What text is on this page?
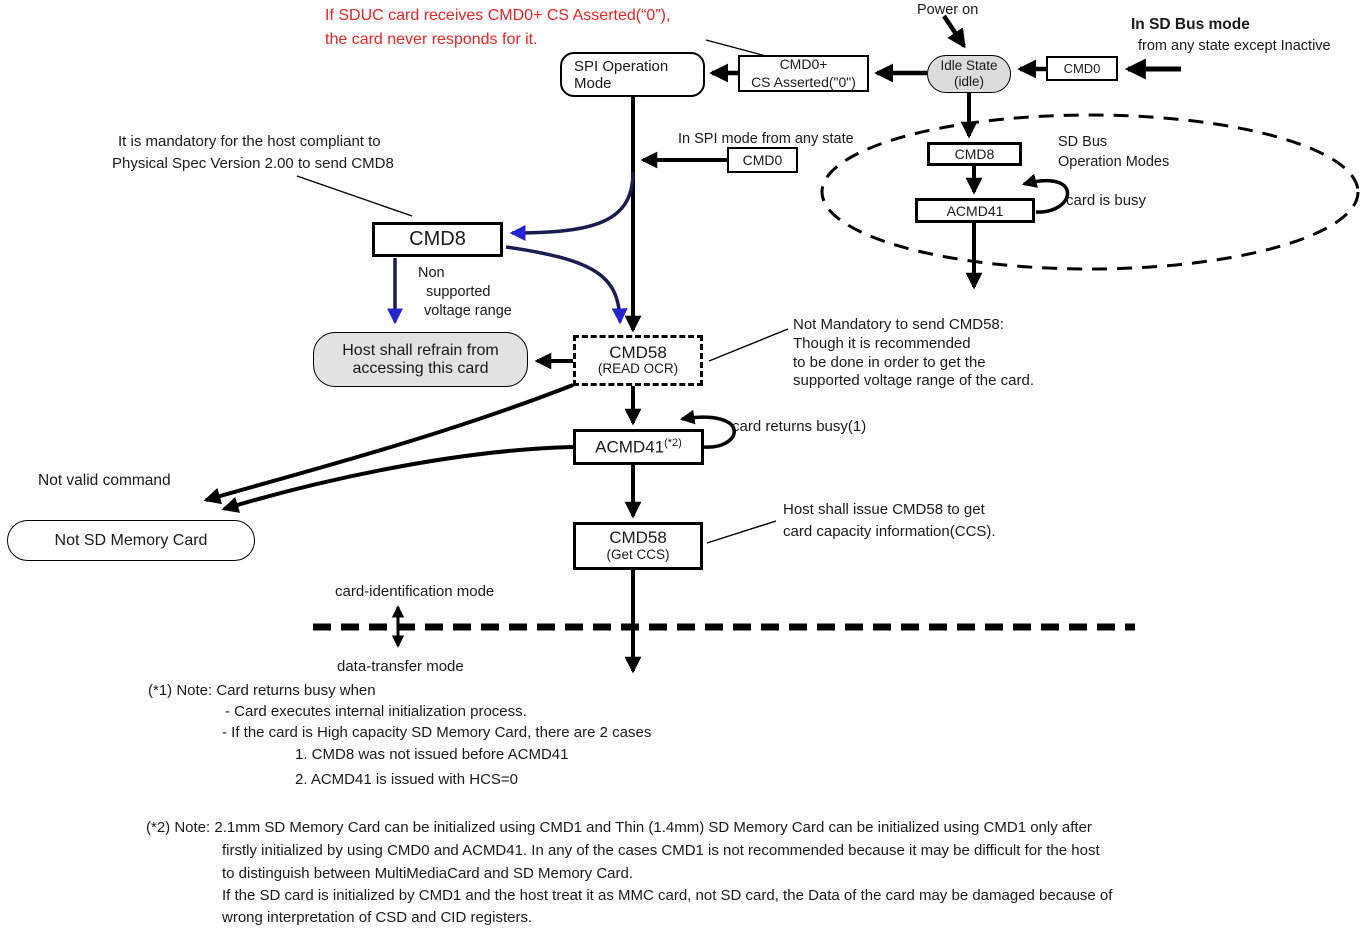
If SDUC card receives CMD0+ CS Asserted(“0”),
the card never responds for it.
Power on
In SD Bus mode
from any state except Inactive
SPI Operation
Mode
CMD0+
CS Asserted("0")
Idle State
(idle)
CMD0
CMD8
ACMD41
SD Bus
Operation Modes
card is busy
It is mandatory for the host compliant to
Physical Spec Version 2.00 to send CMD8
In SPI mode from any state
CMD0
CMD8
Non
supported
voltage range
Host shall refrain from
accessing this card
CMD58
(READ OCR)
Not Mandatory to send CMD58:
Though it is recommended
to be done in order to get the
supported voltage range of the card.
$ACMD41^{(*2)}$
card returns busy(1)
Not valid command
Not SD Memory Card	CMD58
(Get CCS)
Host shall issue CMD58 to get
card capacity information(CCS).
card-identification mode
data-transfer mode
(*1) Note: Card returns busy when
- Card executes internal initialization process.
- If the card is High capacity SD Memory Card, there are 2 cases
1. CMD8 was not issued before ACMD41
2. ACMD41 is issued with HCS=0
(*2) Note: 2.1mm SD Memory Card can be initialized using CMD1 and Thin (1.4mm) SD Memory Card can be initialized using CMD1 only after
firstly initialized by using CMD0 and ACMD41. In any of the cases CMD1 is not recommended because it may be difficult for the host
to distinguish between MultiMediaCard and SD Memory Card.
If the SD card is initialized by CMD1 and the host treat it as MMC card, not SD card, the Data of the card may be damaged because of
wrong interpretation of CSD and CID registers.
